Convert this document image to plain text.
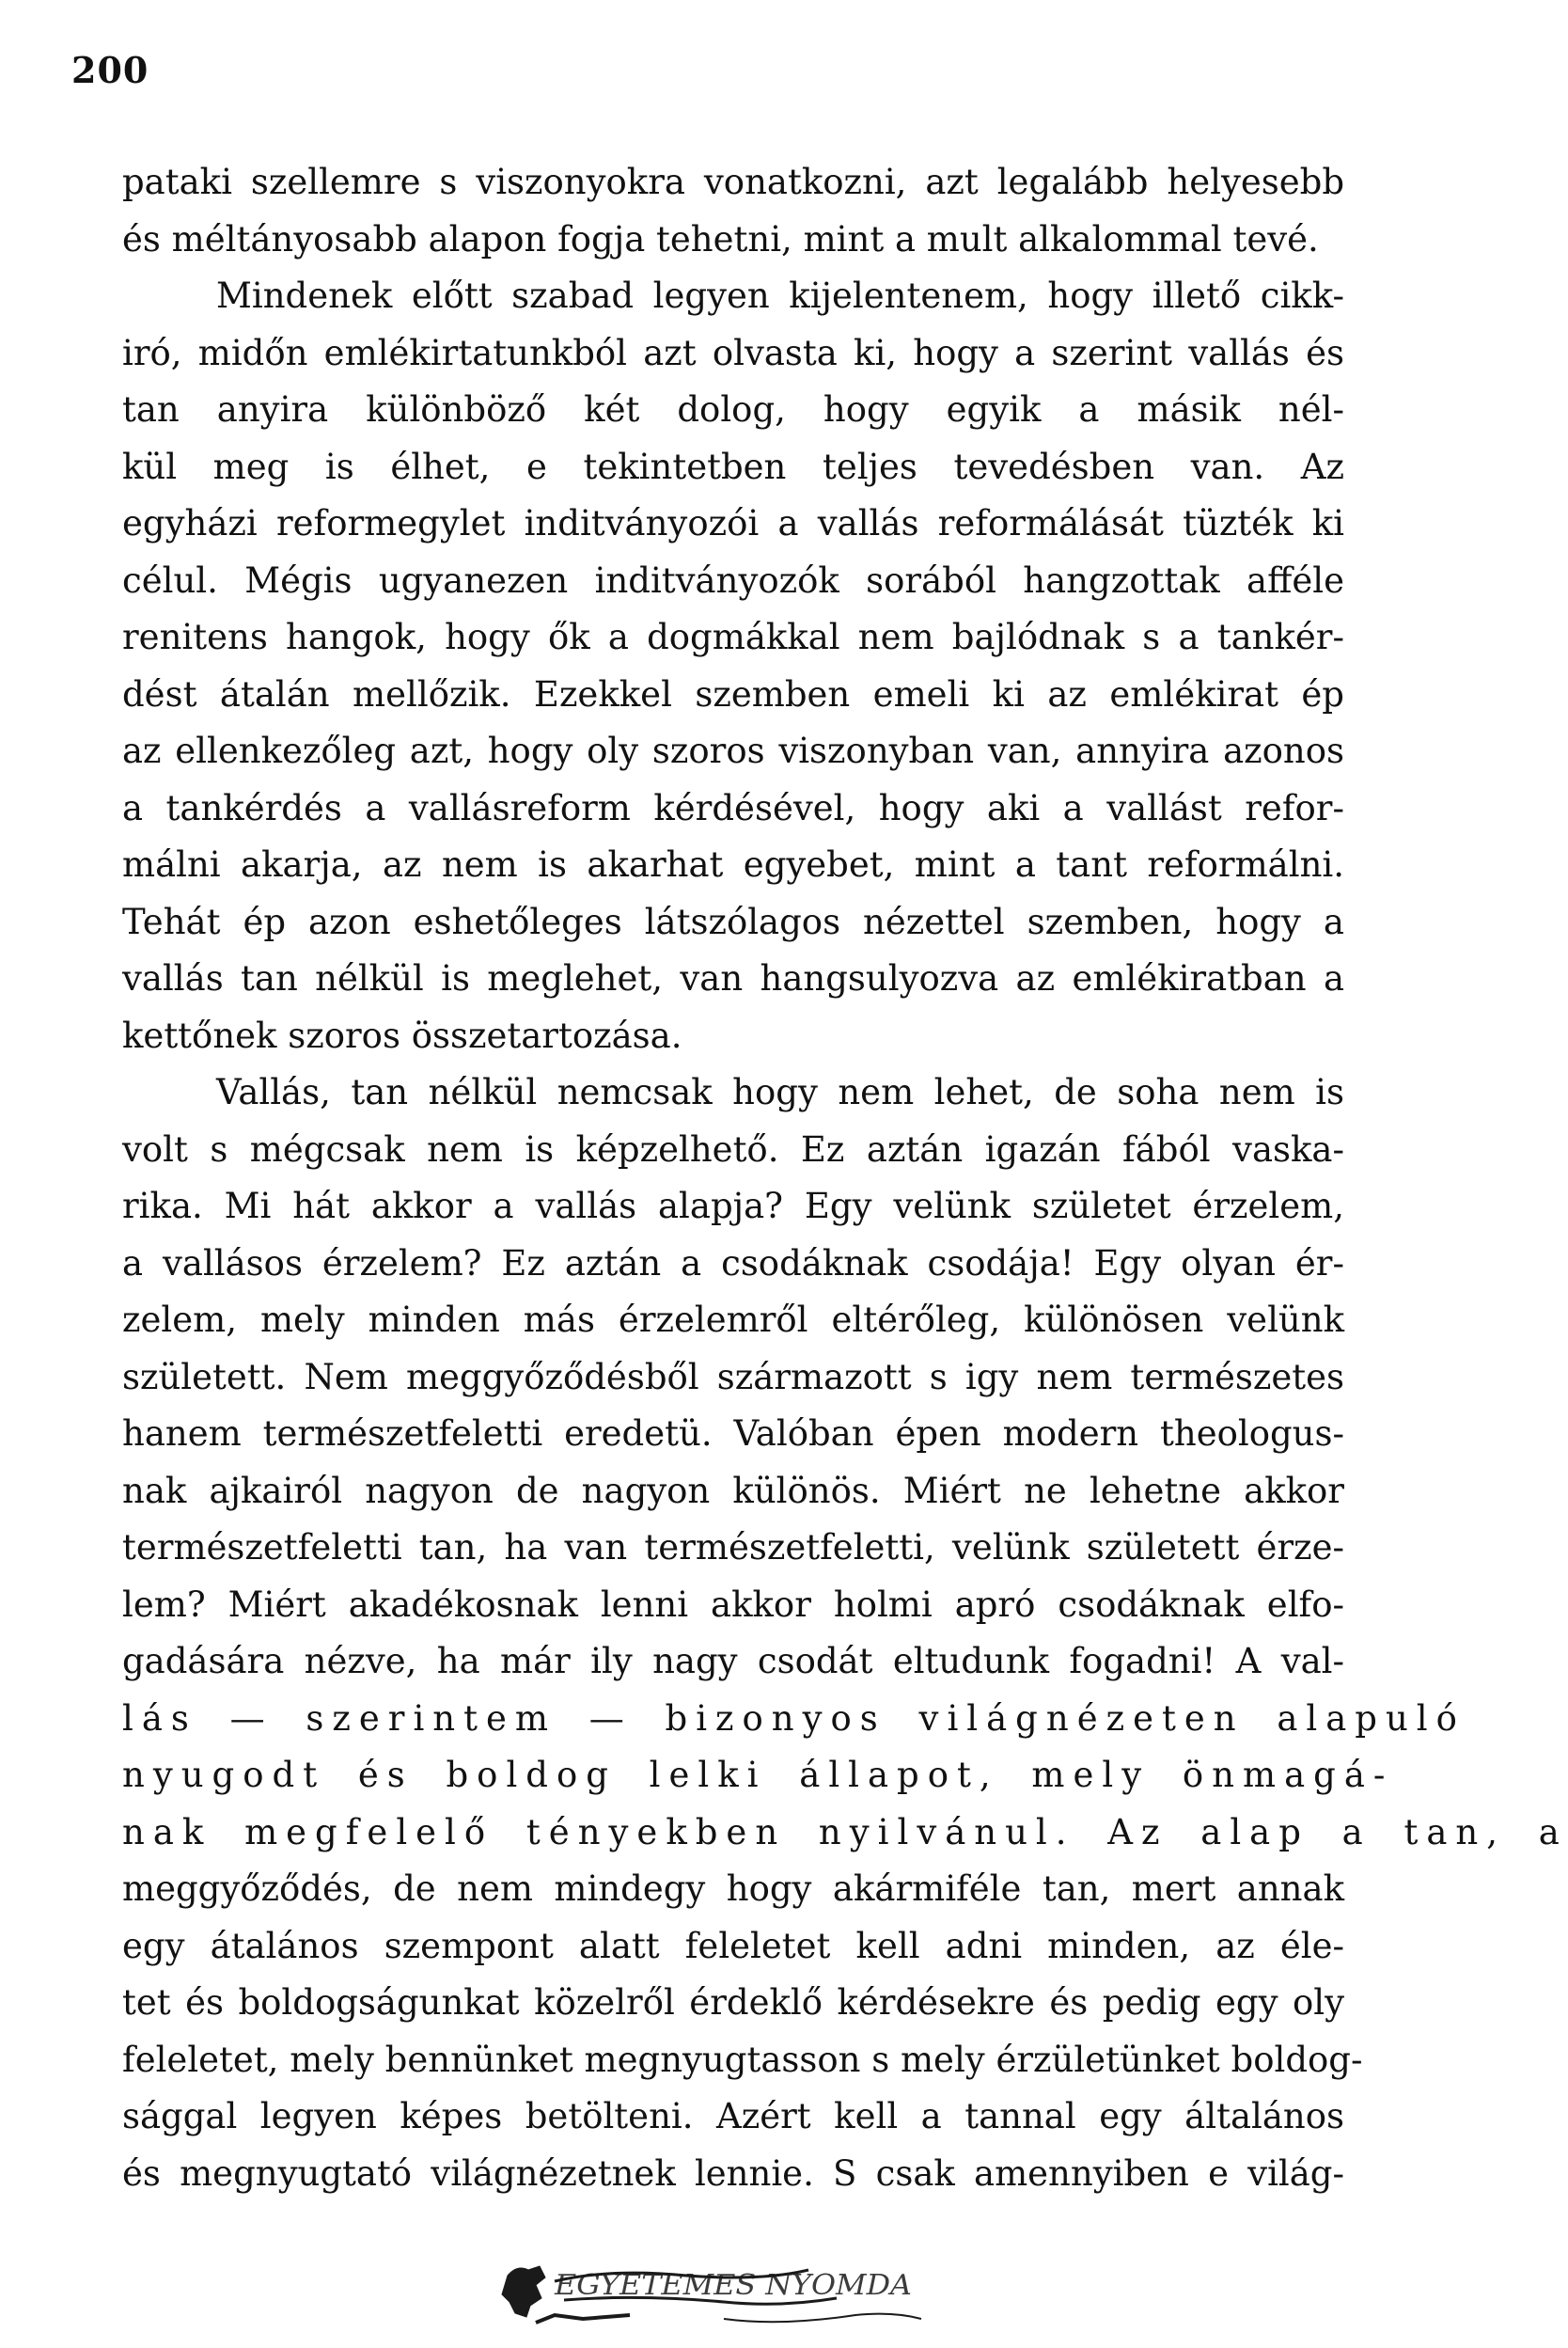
200
pataki szellemre s viszonyokra vonatkozni, azt legalább helyesebb
és méltányosabb alapon fogja tehetni, mint a mult alkalommal tevé.
Mindenek előtt szabad legyen kijelentenem, hogy illető cikk-
iró, midőn emlékirtatunkból azt olvasta ki, hogy a szerint vallás és
tan anyira különböző két dolog, hogy egyik a másik nél-
kül meg is élhet, e tekintetben teljes tevedésben van. Az
egyházi reformegylet inditványozói a vallás reformálását tüzték ki
célul. Mégis ugyanezen inditványozók sorából hangzottak afféle
renitens hangok, hogy ők a dogmákkal nem bajlódnak s a tankér-
dést átalán mellőzik. Ezekkel szemben emeli ki az emlékirat ép
az ellenkezőleg azt, hogy oly szoros viszonyban van, annyira azonos
a tankérdés a vallásreform kérdésével, hogy aki a vallást refor-
málni akarja, az nem is akarhat egyebet, mint a tant reformálni.
Tehát ép azon eshetőleges látszólagos nézettel szemben, hogy a
vallás tan nélkül is meglehet, van hangsulyozva az emlékiratban a
kettőnek szoros összetartozása.
Vallás, tan nélkül nemcsak hogy nem lehet, de soha nem is
volt s mégcsak nem is képzelhető. Ez aztán igazán fából vaska-
rika. Mi hát akkor a vallás alapja? Egy velünk születet érzelem,
a vallásos érzelem? Ez aztán a csodáknak csodája! Egy olyan ér-
zelem, mely minden más érzelemről eltérőleg, különösen velünk
született. Nem meggyőződésből származott s igy nem természetes
hanem természetfeletti eredetü. Valóban épen modern theologus-
nak ajkairól nagyon de nagyon különös. Miért ne lehetne akkor
természetfeletti tan, ha van természetfeletti, velünk született érze-
lem? Miért akadékosnak lenni akkor holmi apró csodáknak elfo-
gadására nézve, ha már ily nagy csodát eltudunk fogadni! A val-
lás — szerintem — bizonyos világnézeten alapuló
nyugodt és boldog lelki állapot, mely önmagá-
nak megfelelő tényekben nyilvánul. Az alap a tan, a
meggyőződés, de nem mindegy hogy akármiféle tan, mert annak
egy átalános szempont alatt feleletet kell adni minden, az éle-
tet és boldogságunkat közelről érdeklő kérdésekre és pedig egy oly
feleletet, mely bennünket megnyugtasson s mely érzületünket boldog-
sággal legyen képes betölteni. Azért kell a tannal egy általános
és megnyugtató világnézetnek lennie. S csak amennyiben e világ-
EGYETEMES NYOMDA
